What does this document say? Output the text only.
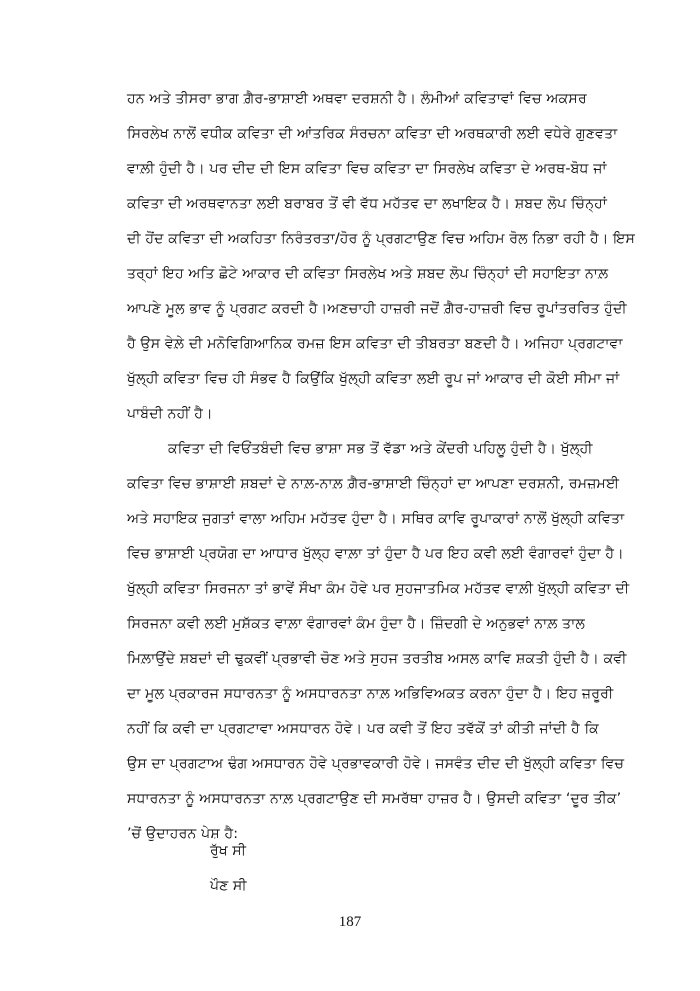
ਹਨ ਅਤੇ ਤੀਸਰਾ ਭਾਗ ਗ਼ੈਰ-ਭਾਸ਼ਾਈ ਅਥਵਾ ਦਰਸ਼ਨੀ ਹੈ। ਲੰਮੀਆਂ ਕਵਿਤਾਵਾਂ ਵਿਚ ਅਕਸਰ
ਸਿਰਲੇਖ ਨਾਲੋਂ ਵਧੀਕ ਕਵਿਤਾ ਦੀ ਆਂਤਰਿਕ ਸੰਰਚਨਾ ਕਵਿਤਾ ਦੀ ਅਰਥਕਾਰੀ ਲਈ ਵਧੇਰੇ ਗੁਣਵਤਾ
ਵਾਲ਼ੀ ਹੁੰਦੀ ਹੈ। ਪਰ ਦੀਦ ਦੀ ਇਸ ਕਵਿਤਾ ਵਿਚ ਕਵਿਤਾ ਦਾ ਸਿਰਲੇਖ ਕਵਿਤਾ ਦੇ ਅਰਥ-ਬੋਧ ਜਾਂ
ਕਵਿਤਾ ਦੀ ਅਰਥਵਾਨਤਾ ਲਈ ਬਰਾਬਰ ਤੋਂ ਵੀ ਵੱਧ ਮਹੱਤਵ ਦਾ ਲਖਾਇਕ ਹੈ। ਸ਼ਬਦ ਲੋਪ ਚਿੰਨ੍ਹਾਂ
ਦੀ ਹੋਂਦ ਕਵਿਤਾ ਦੀ ਅਕਹਿਤਾ ਨਿਰੰਤਰਤਾ/ਹੋਰ ਨੂੰ ਪ੍ਰਗਟਾਉਣ ਵਿਚ ਅਹਿਮ ਰੋਲ ਨਿਭਾ ਰਹੀ ਹੈ। ਇਸ
ਤਰ੍ਹਾਂ ਇਹ ਅਤਿ ਛੋਟੇ ਆਕਾਰ ਦੀ ਕਵਿਤਾ ਸਿਰਲੇਖ ਅਤੇ ਸ਼ਬਦ ਲੋਪ ਚਿੰਨ੍ਹਾਂ ਦੀ ਸਹਾਇਤਾ ਨਾਲ਼
ਆਪਣੇ ਮੂਲ ਭਾਵ ਨੂੰ ਪ੍ਰਗਟ ਕਰਦੀ ਹੈ।ਅਣਚਾਹੀ ਹਾਜ਼ਰੀ ਜਦੋਂ ਗ਼ੈਰ-ਹਾਜ਼ਰੀ ਵਿਚ ਰੂਪਾਂਤਰਰਿਤ ਹੁੰਦੀ
ਹੈ ਉਸ ਵੇਲ਼ੇ ਦੀ ਮਨੋਵਿਗਿਆਨਿਕ ਰਮਜ਼ ਇਸ ਕਵਿਤਾ ਦੀ ਤੀਬਰਤਾ ਬਣਦੀ ਹੈ। ਅਜਿਹਾ ਪ੍ਰਗਟਾਵਾ
ਖੁੱਲ੍ਹੀ ਕਵਿਤਾ ਵਿਚ ਹੀ ਸੰਭਵ ਹੈ ਕਿਉਂਕਿ ਖੁੱਲ੍ਹੀ ਕਵਿਤਾ ਲਈ ਰੂਪ ਜਾਂ ਆਕਾਰ ਦੀ ਕੋਈ ਸੀਮਾ ਜਾਂ
ਪਾਬੰਦੀ ਨਹੀਂ ਹੈ।
ਕਵਿਤਾ ਦੀ ਵਿਓਂਤਬੰਦੀ ਵਿਚ ਭਾਸ਼ਾ ਸਭ ਤੋਂ ਵੱਡਾ ਅਤੇ ਕੇਂਦਰੀ ਪਹਿਲੂ ਹੁੰਦੀ ਹੈ। ਖੁੱਲ੍ਹੀ
ਕਵਿਤਾ ਵਿਚ ਭਾਸ਼ਾਈ ਸ਼ਬਦਾਂ ਦੇ ਨਾਲ਼-ਨਾਲ਼ ਗ਼ੈਰ-ਭਾਸ਼ਾਈ ਚਿੰਨ੍ਹਾਂ ਦਾ ਆਪਣਾ ਦਰਸ਼ਨੀ, ਰਮਜ਼ਮਈ
ਅਤੇ ਸਹਾਇਕ ਜੁਗਤਾਂ ਵਾਲਾ ਅਹਿਮ ਮਹੱਤਵ ਹੁੰਦਾ ਹੈ। ਸਥਿਰ ਕਾਵਿ ਰੂਪਾਕਾਰਾਂ ਨਾਲੋਂ ਖੁੱਲ੍ਹੀ ਕਵਿਤਾ
ਵਿਚ ਭਾਸ਼ਾਈ ਪ੍ਰਯੋਗ ਦਾ ਆਧਾਰ ਖੁੱਲ੍ਹ ਵਾਲ਼ਾ ਤਾਂ ਹੁੰਦਾ ਹੈ ਪਰ ਇਹ ਕਵੀ ਲਈ ਵੰਗਾਰਵਾਂ ਹੁੰਦਾ ਹੈ।
ਖੁੱਲ੍ਹੀ ਕਵਿਤਾ ਸਿਰਜਨਾ ਤਾਂ ਭਾਵੇਂ ਸੌਖਾ ਕੰਮ ਹੋਵੇ ਪਰ ਸੁਹਜਾਤਮਿਕ ਮਹੱਤਵ ਵਾਲ਼ੀ ਖੁੱਲ੍ਹੀ ਕਵਿਤਾ ਦੀ
ਸਿਰਜਨਾ ਕਵੀ ਲਈ ਮੁਸ਼ੱਕਤ ਵਾਲ਼ਾ ਵੰਗਾਰਵਾਂ ਕੰਮ ਹੁੰਦਾ ਹੈ। ਜ਼ਿੰਦਗੀ ਦੇ ਅਨੁਭਵਾਂ ਨਾਲ਼ ਤਾਲ
ਮਿਲ਼ਾਉਂਦੇ ਸ਼ਬਦਾਂ ਦੀ ਢੁਕਵੀਂ ਪ੍ਰਭਾਵੀ ਚੋਣ ਅਤੇ ਸੁਹਜ ਤਰਤੀਬ ਅਸਲ ਕਾਵਿ ਸ਼ਕਤੀ ਹੁੰਦੀ ਹੈ। ਕਵੀ
ਦਾ ਮੂਲ ਪ੍ਰਕਾਰਜ ਸਧਾਰਨਤਾ ਨੂੰ ਅਸਧਾਰਨਤਾ ਨਾਲ਼ ਅਭਿਵਿਅਕਤ ਕਰਨਾ ਹੁੰਦਾ ਹੈ। ਇਹ ਜ਼ਰੂਰੀ
ਨਹੀਂ ਕਿ ਕਵੀ ਦਾ ਪ੍ਰਗਟਾਵਾ ਅਸਧਾਰਨ ਹੋਵੇ। ਪਰ ਕਵੀ ਤੋਂ ਇਹ ਤਵੱਕੋਂ ਤਾਂ ਕੀਤੀ ਜਾਂਦੀ ਹੈ ਕਿ
ਉਸ ਦਾ ਪ੍ਰਗਟਾਅ ਢੰਗ ਅਸਧਾਰਨ ਹੋਵੇ ਪ੍ਰਭਾਵਕਾਰੀ ਹੋਵੇ। ਜਸਵੰਤ ਦੀਦ ਦੀ ਖੁੱਲ੍ਹੀ ਕਵਿਤਾ ਵਿਚ
ਸਧਾਰਨਤਾ ਨੂੰ ਅਸਧਾਰਨਤਾ ਨਾਲ਼ ਪ੍ਰਗਟਾਉਣ ਦੀ ਸਮਰੱਥਾ ਹਾਜ਼ਰ ਹੈ। ਉਸਦੀ ਕਵਿਤਾ ‘ਦੂਰ ਤੀਕ’
’ਚੋਂ ਉਦਾਹਰਨ ਪੇਸ਼ ਹੈ:
ਰੁੱਖ ਸੀ
ਪੌਣ ਸੀ
187
